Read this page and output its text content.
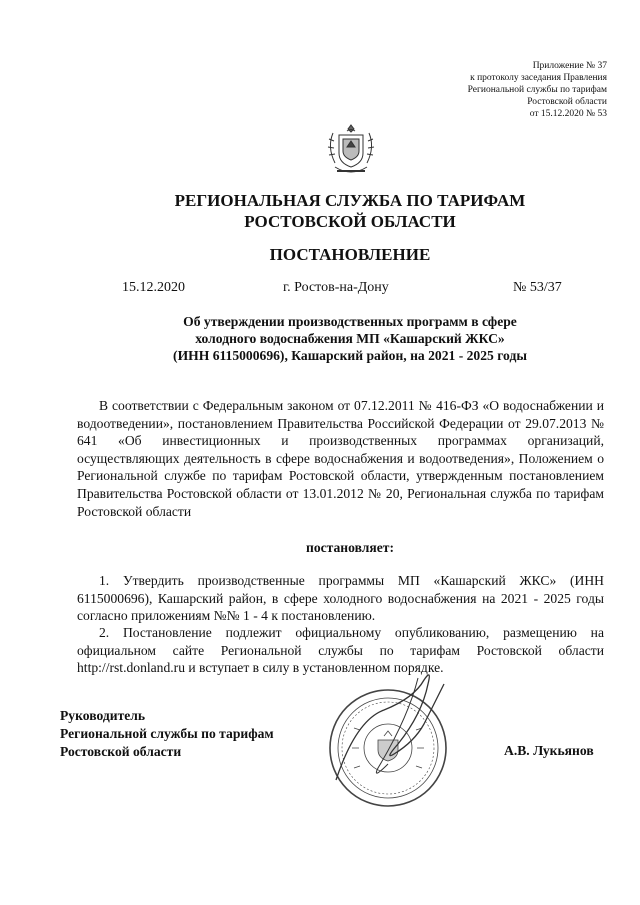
Приложение № 37
к протоколу заседания Правления
Региональной службы по тарифам
Ростовской области
от 15.12.2020 № 53
РЕГИОНАЛЬНАЯ СЛУЖБА ПО ТАРИФАМ
РОСТОВСКОЙ ОБЛАСТИ
ПОСТАНОВЛЕНИЕ
15.12.2020	г. Ростов-на-Дону	№ 53/37
Об утверждении производственных программ в сфере
холодного водоснабжения МП «Кашарский ЖКС»
(ИНН 6115000696), Кашарский район, на 2021 - 2025 годы
В соответствии с Федеральным законом от 07.12.2011 № 416-ФЗ «О водоснабжении и водоотведении», постановлением Правительства Российской Федерации от 29.07.2013 № 641 «Об инвестиционных и производственных программах организаций, осуществляющих деятельность в сфере водоснабжения и водоотведения», Положением о Региональной службе по тарифам Ростовской области, утвержденным постановлением Правительства Ростовской области от 13.01.2012 № 20, Региональная служба по тарифам Ростовской области
постановляет:
1. Утвердить производственные программы МП «Кашарский ЖКС» (ИНН 6115000696), Кашарский район, в сфере холодного водоснабжения на 2021 - 2025 годы согласно приложениям №№ 1 - 4 к постановлению.
2. Постановление подлежит официальному опубликованию, размещению на официальном сайте Региональной службы по тарифам Ростовской области http://rst.donland.ru и вступает в силу в установленном порядке.
Руководитель
Региональной службы по тарифам
Ростовской области	А.В. Лукьянов
